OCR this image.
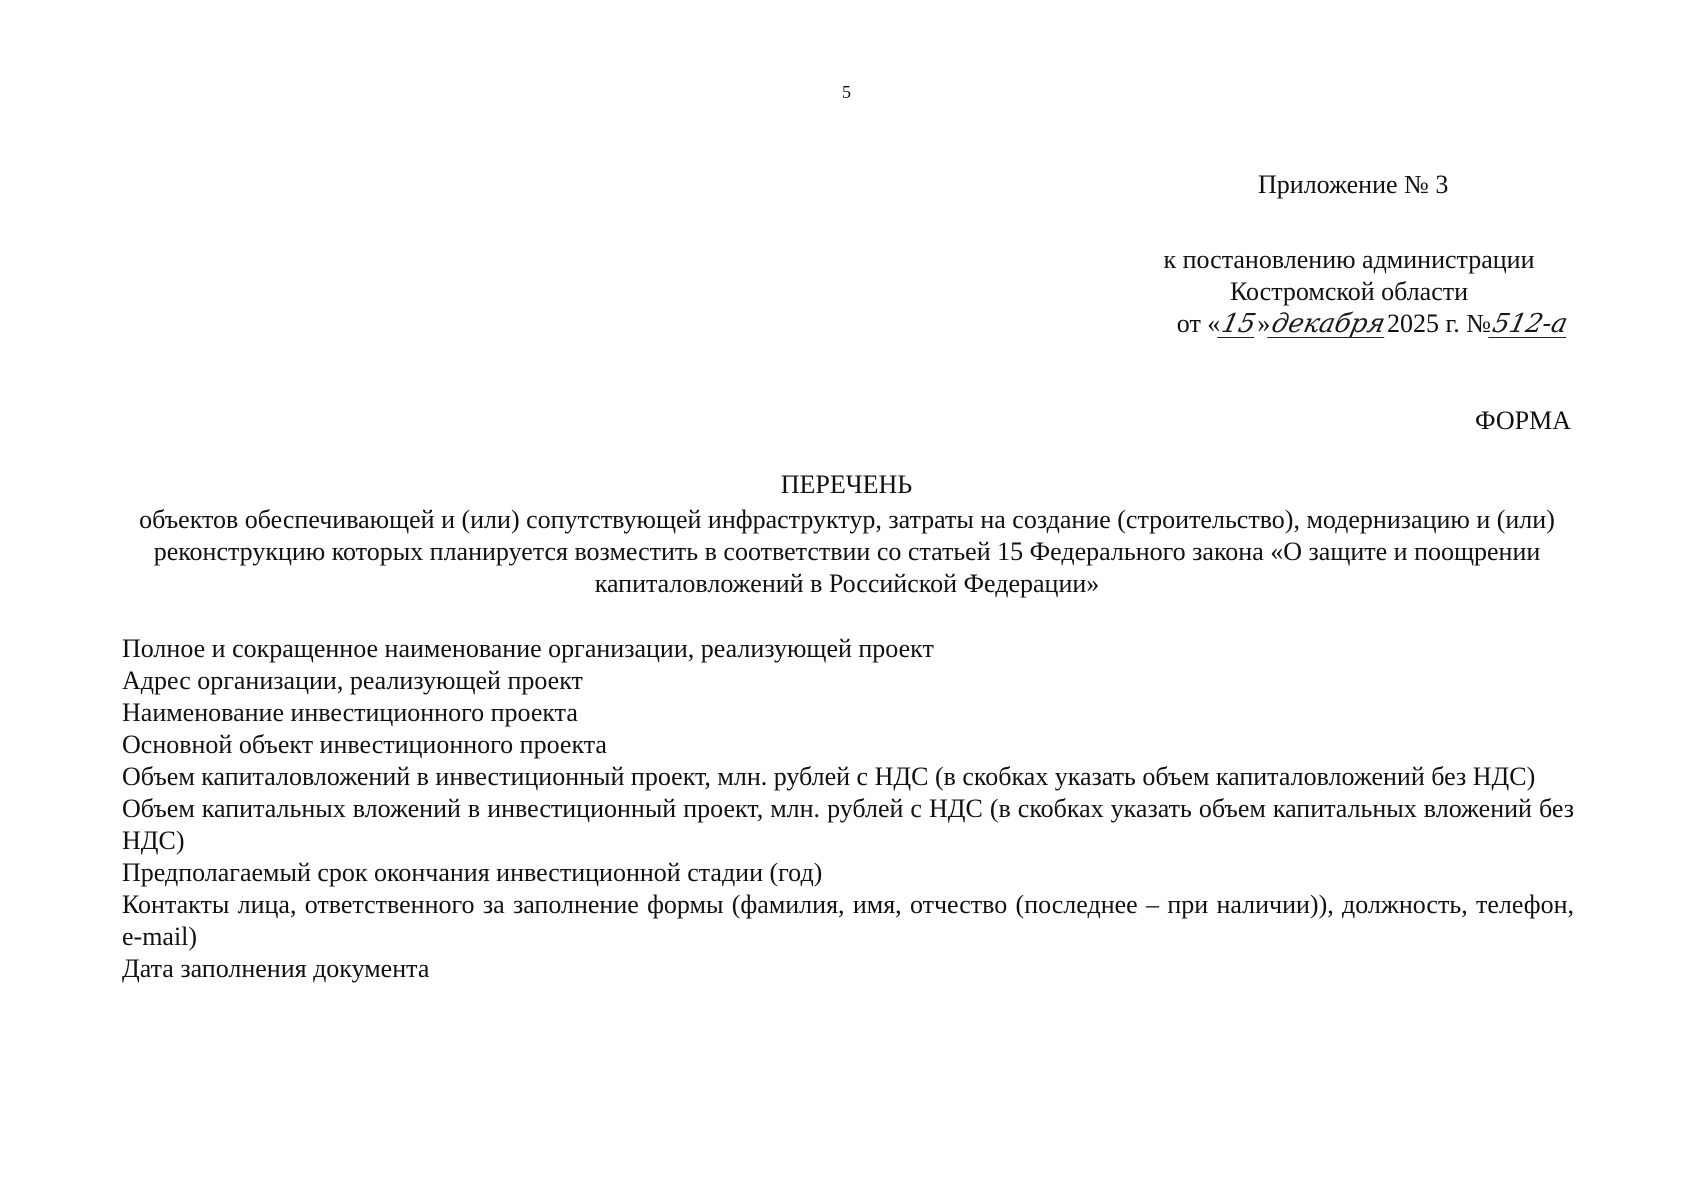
5
Приложение № 3
к постановлению администрации
Костромской области
от «15»декабря2025 г. №512-а
ФОРМА
ПЕРЕЧЕНЬ
объектов обеспечивающей и (или) сопутствующей инфраструктур, затраты на создание (строительство), модернизацию и (или) реконструкцию которых планируется возместить в соответствии со статьей 15 Федерального закона «О защите и поощрении капиталовложений в Российской Федерации»
Полное и сокращенное наименование организации, реализующей проект
Адрес организации, реализующей проект
Наименование инвестиционного проекта
Основной объект инвестиционного проекта
Объем капиталовложений в инвестиционный проект, млн. рублей с НДС (в скобках указать объем капиталовложений без НДС)
Объем капитальных вложений в инвестиционный проект, млн. рублей с НДС (в скобках указать объем капитальных вложений без НДС)
Предполагаемый срок окончания инвестиционной стадии (год)
Контакты лица, ответственного за заполнение формы (фамилия, имя, отчество (последнее – при наличии)), должность, телефон, e-mail)
Дата заполнения документа
